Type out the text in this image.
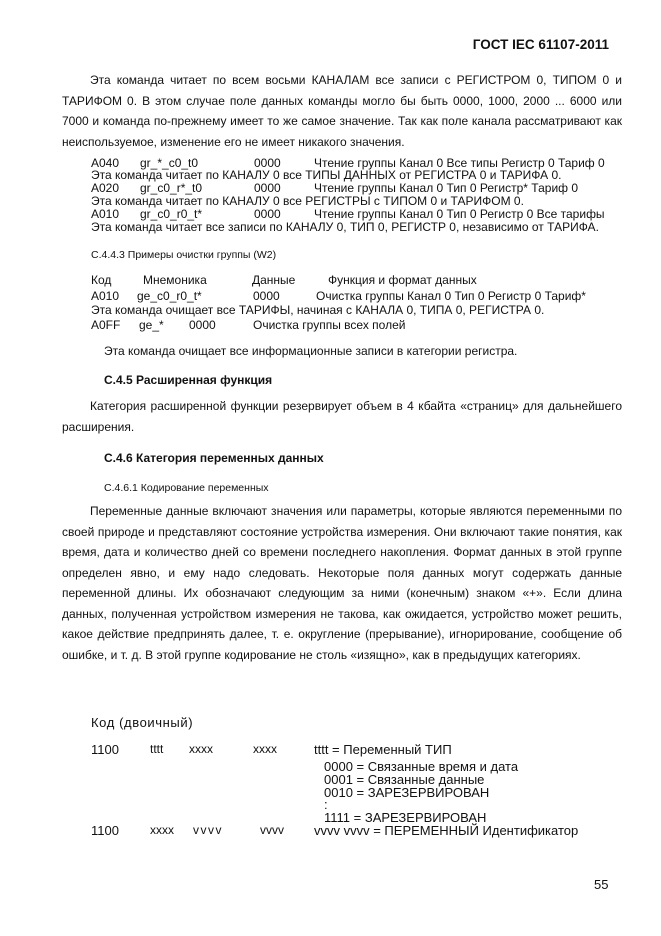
ГОСТ IEC 61107-2011
Эта команда читает по всем восьми КАНАЛАМ все записи с РЕГИСТРОМ 0, ТИПОМ 0 и ТАРИФОМ 0. В этом случае поле данных команды могло бы быть 0000, 1000, 2000 ... 6000 или 7000 и команда по-прежнему имеет то же самое значение. Так как поле канала рассматривают как неиспользуемое, изменение его не имеет никакого значения.
A040 gr_*_c0_t0	0000	Чтение группы Канал 0 Все типы Регистр 0 Тариф 0
Эта команда читает по КАНАЛУ 0 все ТИПЫ ДАННЫХ от РЕГИСТРА 0 и ТАРИФА 0.
A020 gr_c0_r*_t0	0000	Чтение группы Канал 0 Тип 0 Регистр* Тариф 0
Эта команда читает по КАНАЛУ 0 все РЕГИСТРЫ с ТИПОМ 0 и ТАРИФОМ 0.
A010 gr_c0_r0_t*	0000	Чтение группы Канал 0 Тип 0 Регистр 0 Все тарифы
Эта команда читает все записи по КАНАЛУ 0, ТИП 0, РЕГИСТР 0, независимо от ТАРИФА.
С.4.4.3 Примеры очистки группы (W2)
Код	Мнемоника	Данные	Функция и формат данных
A010 ge_c0_r0_t*	0000	Очистка группы Канал 0 Тип 0 Регистр 0 Тариф*
Эта команда очищает все ТАРИФЫ, начиная с КАНАЛА 0, ТИПА 0, РЕГИСТРА 0.
A0FF ge_* 0000	Очистка группы всех полей
Эта команда очищает все информационные записи в категории регистра.
С.4.5 Расширенная функция
Категория расширенной функции резервирует объем в 4 кбайта «страниц» для дальнейшего расширения.
С.4.6 Категория переменных данных
С.4.6.1 Кодирование переменных
Переменные данные включают значения или параметры, которые являются переменными по своей природе и представляют состояние устройства измерения. Они включают такие понятия, как время, дата и количество дней со времени последнего накопления. Формат данных в этой группе определен явно, и ему надо следовать. Некоторые поля данных могут содержать данные переменной длины. Их обозначают следующим за ними (конечным) знаком «+». Если длина данных, полученная устройством измерения не такова, как ожидается, устройство может решить, какое действие предпринять далее, т. е. округление (прерывание), игнорирование, сообщение об ошибке, и т. д. В этой группе кодирование не столь «изящно», как в предыдущих категориях.
Код (двоичный)
1100	tttt xxxx	xxxx	tttt = Переменный ТИП
0000 = Связанные время и дата
0001 = Связанные данные
0010 = ЗАРЕЗЕРВИРОВАН
:
1111 = ЗАРЕЗЕРВИРОВАН
1100	xxxx vvvv	vvvv vvvv vvvv = ПЕРЕМЕННЫЙ Идентификатор
55
